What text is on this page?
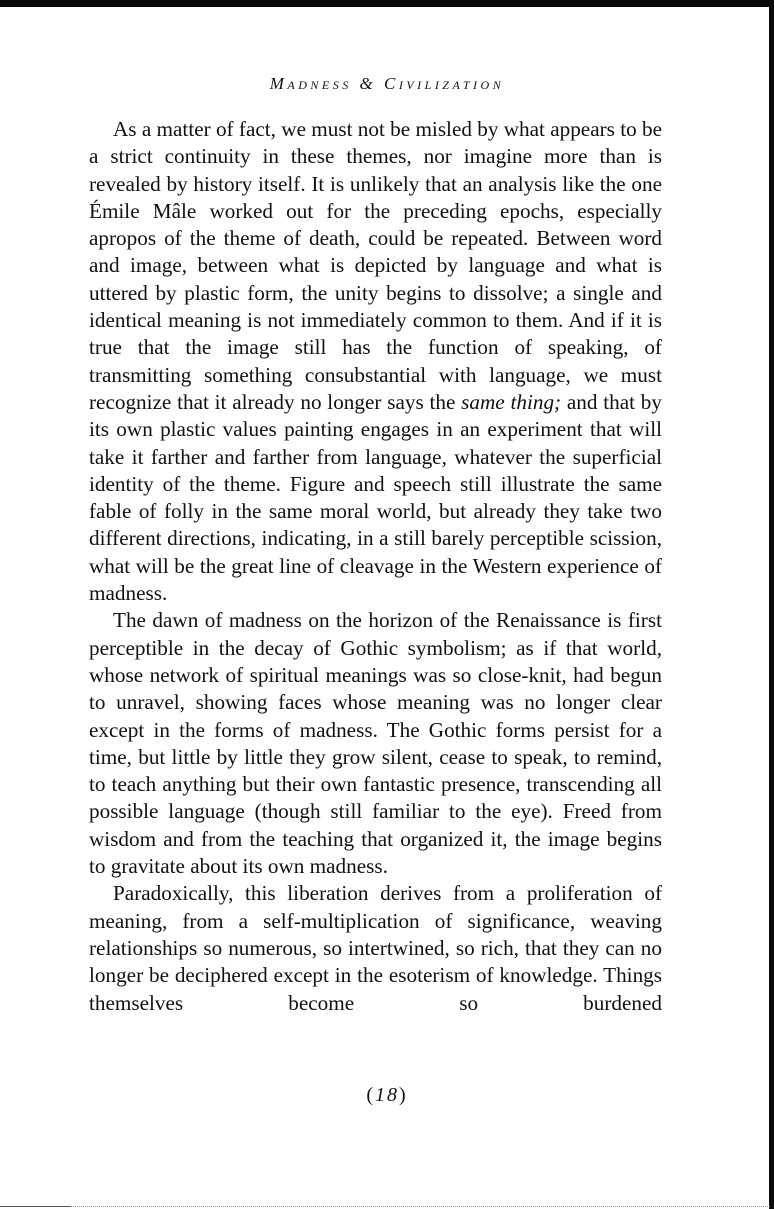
Madness & Civilization

As a matter of fact, we must not be misled by what appears to be a strict continuity in these themes, nor imagine more than is revealed by history itself. It is unlikely that an analysis like the one Émile Mâle worked out for the preceding epochs, especially apropos of the theme of death, could be repeated. Between word and image, between what is depicted by language and what is uttered by plastic form, the unity begins to dissolve; a single and identical meaning is not immediately common to them. And if it is true that the image still has the function of speaking, of transmitting something consubstantial with language, we must recognize that it already no longer says the same thing; and that by its own plastic values painting engages in an experiment that will take it farther and farther from language, whatever the superficial identity of the theme. Figure and speech still illustrate the same fable of folly in the same moral world, but already they take two different directions, indicating, in a still barely perceptible scission, what will be the great line of cleavage in the Western experience of madness.

The dawn of madness on the horizon of the Renaissance is first perceptible in the decay of Gothic symbolism; as if that world, whose network of spiritual meanings was so close-knit, had begun to unravel, showing faces whose meaning was no longer clear except in the forms of madness. The Gothic forms persist for a time, but little by little they grow silent, cease to speak, to remind, to teach anything but their own fantastic presence, transcending all possible language (though still familiar to the eye). Freed from wisdom and from the teaching that organized it, the image begins to gravitate about its own madness.

Paradoxically, this liberation derives from a proliferation of meaning, from a self-multiplication of significance, weaving relationships so numerous, so intertwined, so rich, that they can no longer be deciphered except in the esoterism of knowledge. Things themselves become so burdened

(18)
